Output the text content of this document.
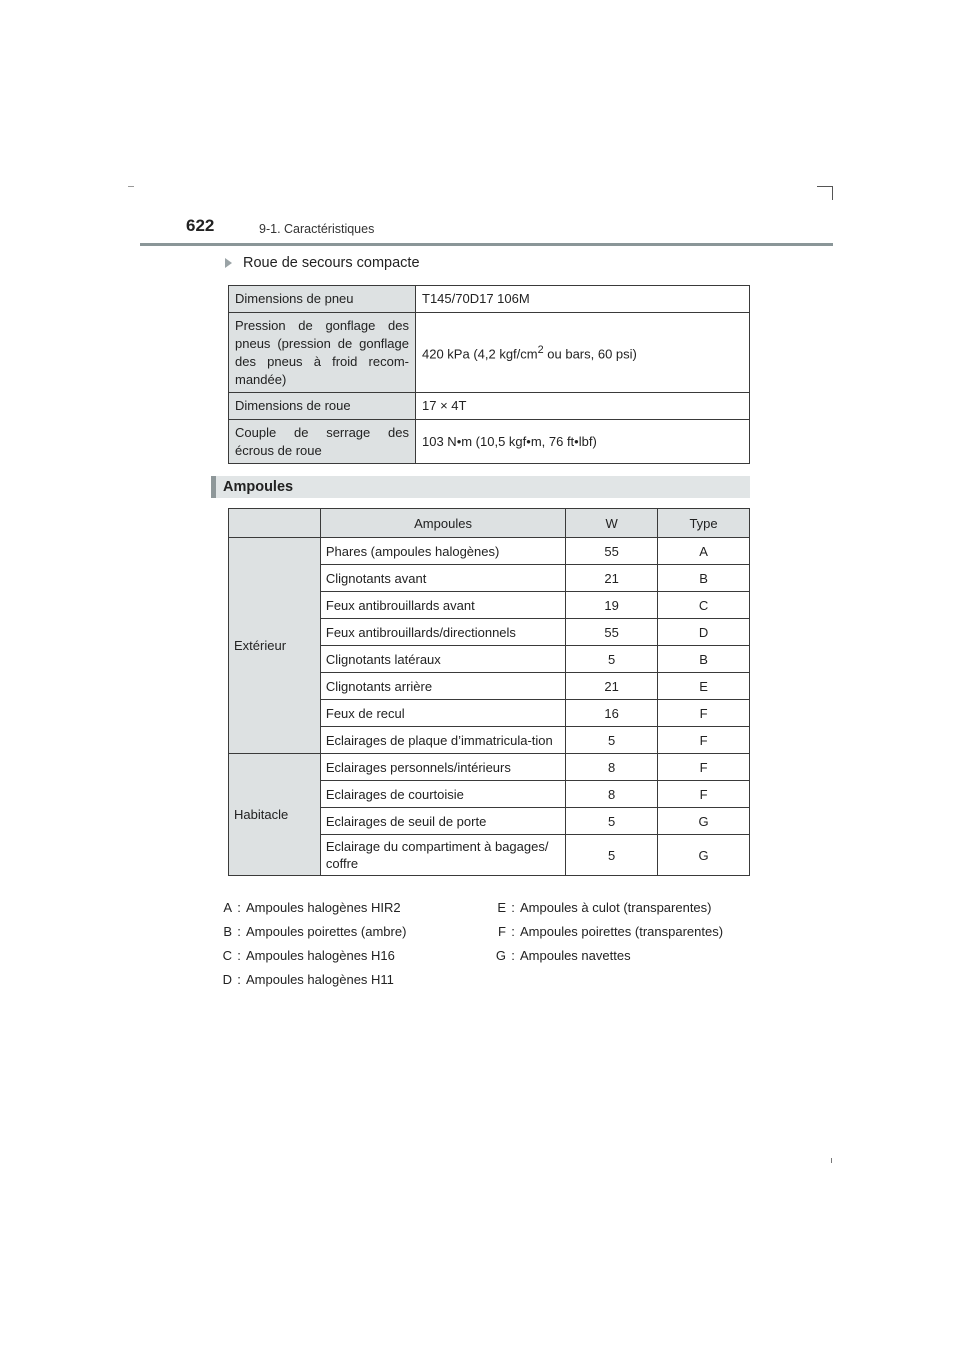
622	9-1. Caractéristiques
Roue de secours compacte
Dimensions de pneu	T145/70D17 106M
Pression de gonflage des pneus (pression de gonflage des pneus à froid recom-mandée)	420 kPa (4,2 kgf/$cm^2$ ou bars, 60 psi)
Dimensions de roue	17 × 4T
Couple de serrage des écrous de roue	103 N•m (10,5 kgf•m, 76 ft•lbf)
Ampoules
	Ampoules	W	Type
Extérieur	Phares (ampoules halogènes)	55	A
	Clignotants avant	21	B
	Feux antibrouillards avant	19	C
	Feux antibrouillards/directionnels	55	D
	Clignotants latéraux	5	B
	Clignotants arrière	21	E
	Feux de recul	16	F
	Eclairages de plaque d’immatricula-tion	5	F
Habitacle	Eclairages personnels/intérieurs	8	F
	Eclairages de courtoisie	8	F
	Eclairages de seuil de porte	5	G
	Eclairage du compartiment à bagages/ coffre	5	G
A : Ampoules halogènes HIR2
B : Ampoules poirettes (ambre)
C : Ampoules halogènes H16
D : Ampoules halogènes H11
E : Ampoules à culot (transparentes)
F : Ampoules poirettes (transparentes)
G : Ampoules navettes
